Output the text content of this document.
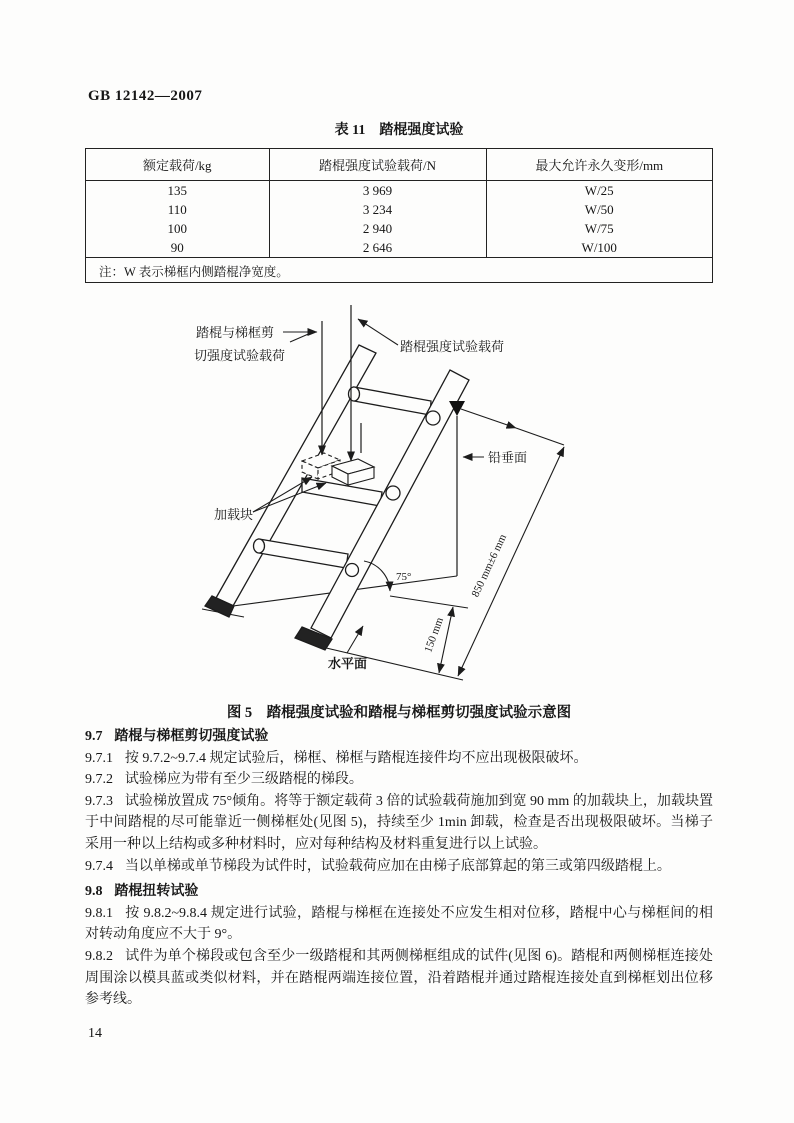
GB 12142—2007
表 11　踏棍强度试验
额定载荷/kg	踏棍强度试验载荷/N	最大允许永久变形/mm
135	3 969	W/25
110	3 234	W/50
100	2 940	W/75
90	2 646	W/100
注：W 表示梯框内侧踏棍净宽度。		
踏棍与梯框剪
切强度试验载荷
踏棍强度试验载荷
加载块
铅垂面
水平面
75°	850 mm±6 mm
150 mm
图 5　踏棍强度试验和踏棍与梯框剪切强度试验示意图

9.7 踏棍与梯框剪切强度试验

9.7.1 按 9.7.2~9.7.4 规定试验后，梯框、梯框与踏棍连接件均不应出现极限破坏。

9.7.2 试验梯应为带有至少三级踏棍的梯段。

9.7.3 试验梯放置成 75°倾角。将等于额定载荷 3 倍的试验载荷施加到宽 90 mm 的加载块上，加载块置于中间踏棍的尽可能靠近一侧梯框处(见图 5)，持续至少 1min 卸载，检查是否出现极限破坏。当梯子采用一种以上结构或多种材料时，应对每种结构及材料重复进行以上试验。

9.7.4 当以单梯或单节梯段为试件时，试验载荷应加在由梯子底部算起的第三或第四级踏棍上。

9.8 踏棍扭转试验

9.8.1 按 9.8.2~9.8.4 规定进行试验，踏棍与梯框在连接处不应发生相对位移，踏棍中心与梯框间的相对转动角度应不大于 9°。

9.8.2 试件为单个梯段或包含至少一级踏棍和其两侧梯框组成的试件(见图 6)。踏棍和两侧梯框连接处周围涂以模具蓝或类似材料，并在踏棍两端连接位置，沿着踏棍并通过踏棍连接处直到梯框划出位移参考线。

14
